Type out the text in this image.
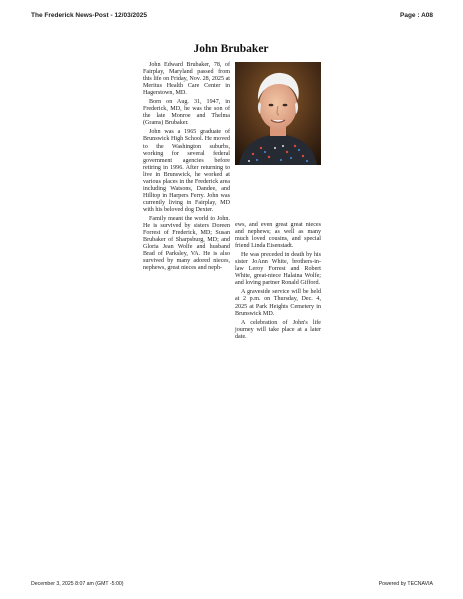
The Frederick News-Post - 12/03/2025	Page : A08
John Brubaker

John Edward Brubaker, 78, of Fairplay, Maryland passed from this life on Friday, Nov. 28, 2025 at Meritus Health Care Center in Hagerstown, MD.

Born on Aug. 31, 1947, in Frederick, MD, he was the son of the late Monroe and Thelma (Grams) Brubaker.

John was a 1965 graduate of Brunswick High School. He moved to the Washington suburbs, working for several federal government agencies before retiring in 1996. After returning to live in Brunswick, he worked at various places in the Frederick area including Watsons, Dandee, and Hilltop in Harpers Ferry. John was currently living in Fairplay, MD with his beloved dog Dexter.

Family meant the world to John. He is survived by sisters Doreen Forrest of Frederick, MD; Susan Brubaker of Sharpsburg, MD; and Gloria Jean Wolfe and husband Brad of Parksley, VA. He is also survived by many adored nieces, nephews, great nieces and neph-

ews, and even great great nieces and nephews; as well as many much loved cousins, and special friend Linda Eisenstadt.

He was preceded in death by his sister JoAnn White, brothers-in-law Leroy Forrest and Robert White, great-niece Halaina Wolfe; and loving partner Ronald Gifford.

A graveside service will be held at 2 p.m. on Thursday, Dec. 4, 2025 at Park Heights Cemetery in Brunswick MD.

A celebration of John's life journey will take place at a later date.

December 3, 2025 8:07 am (GMT -5:00)	Powered by TECNAVIA
